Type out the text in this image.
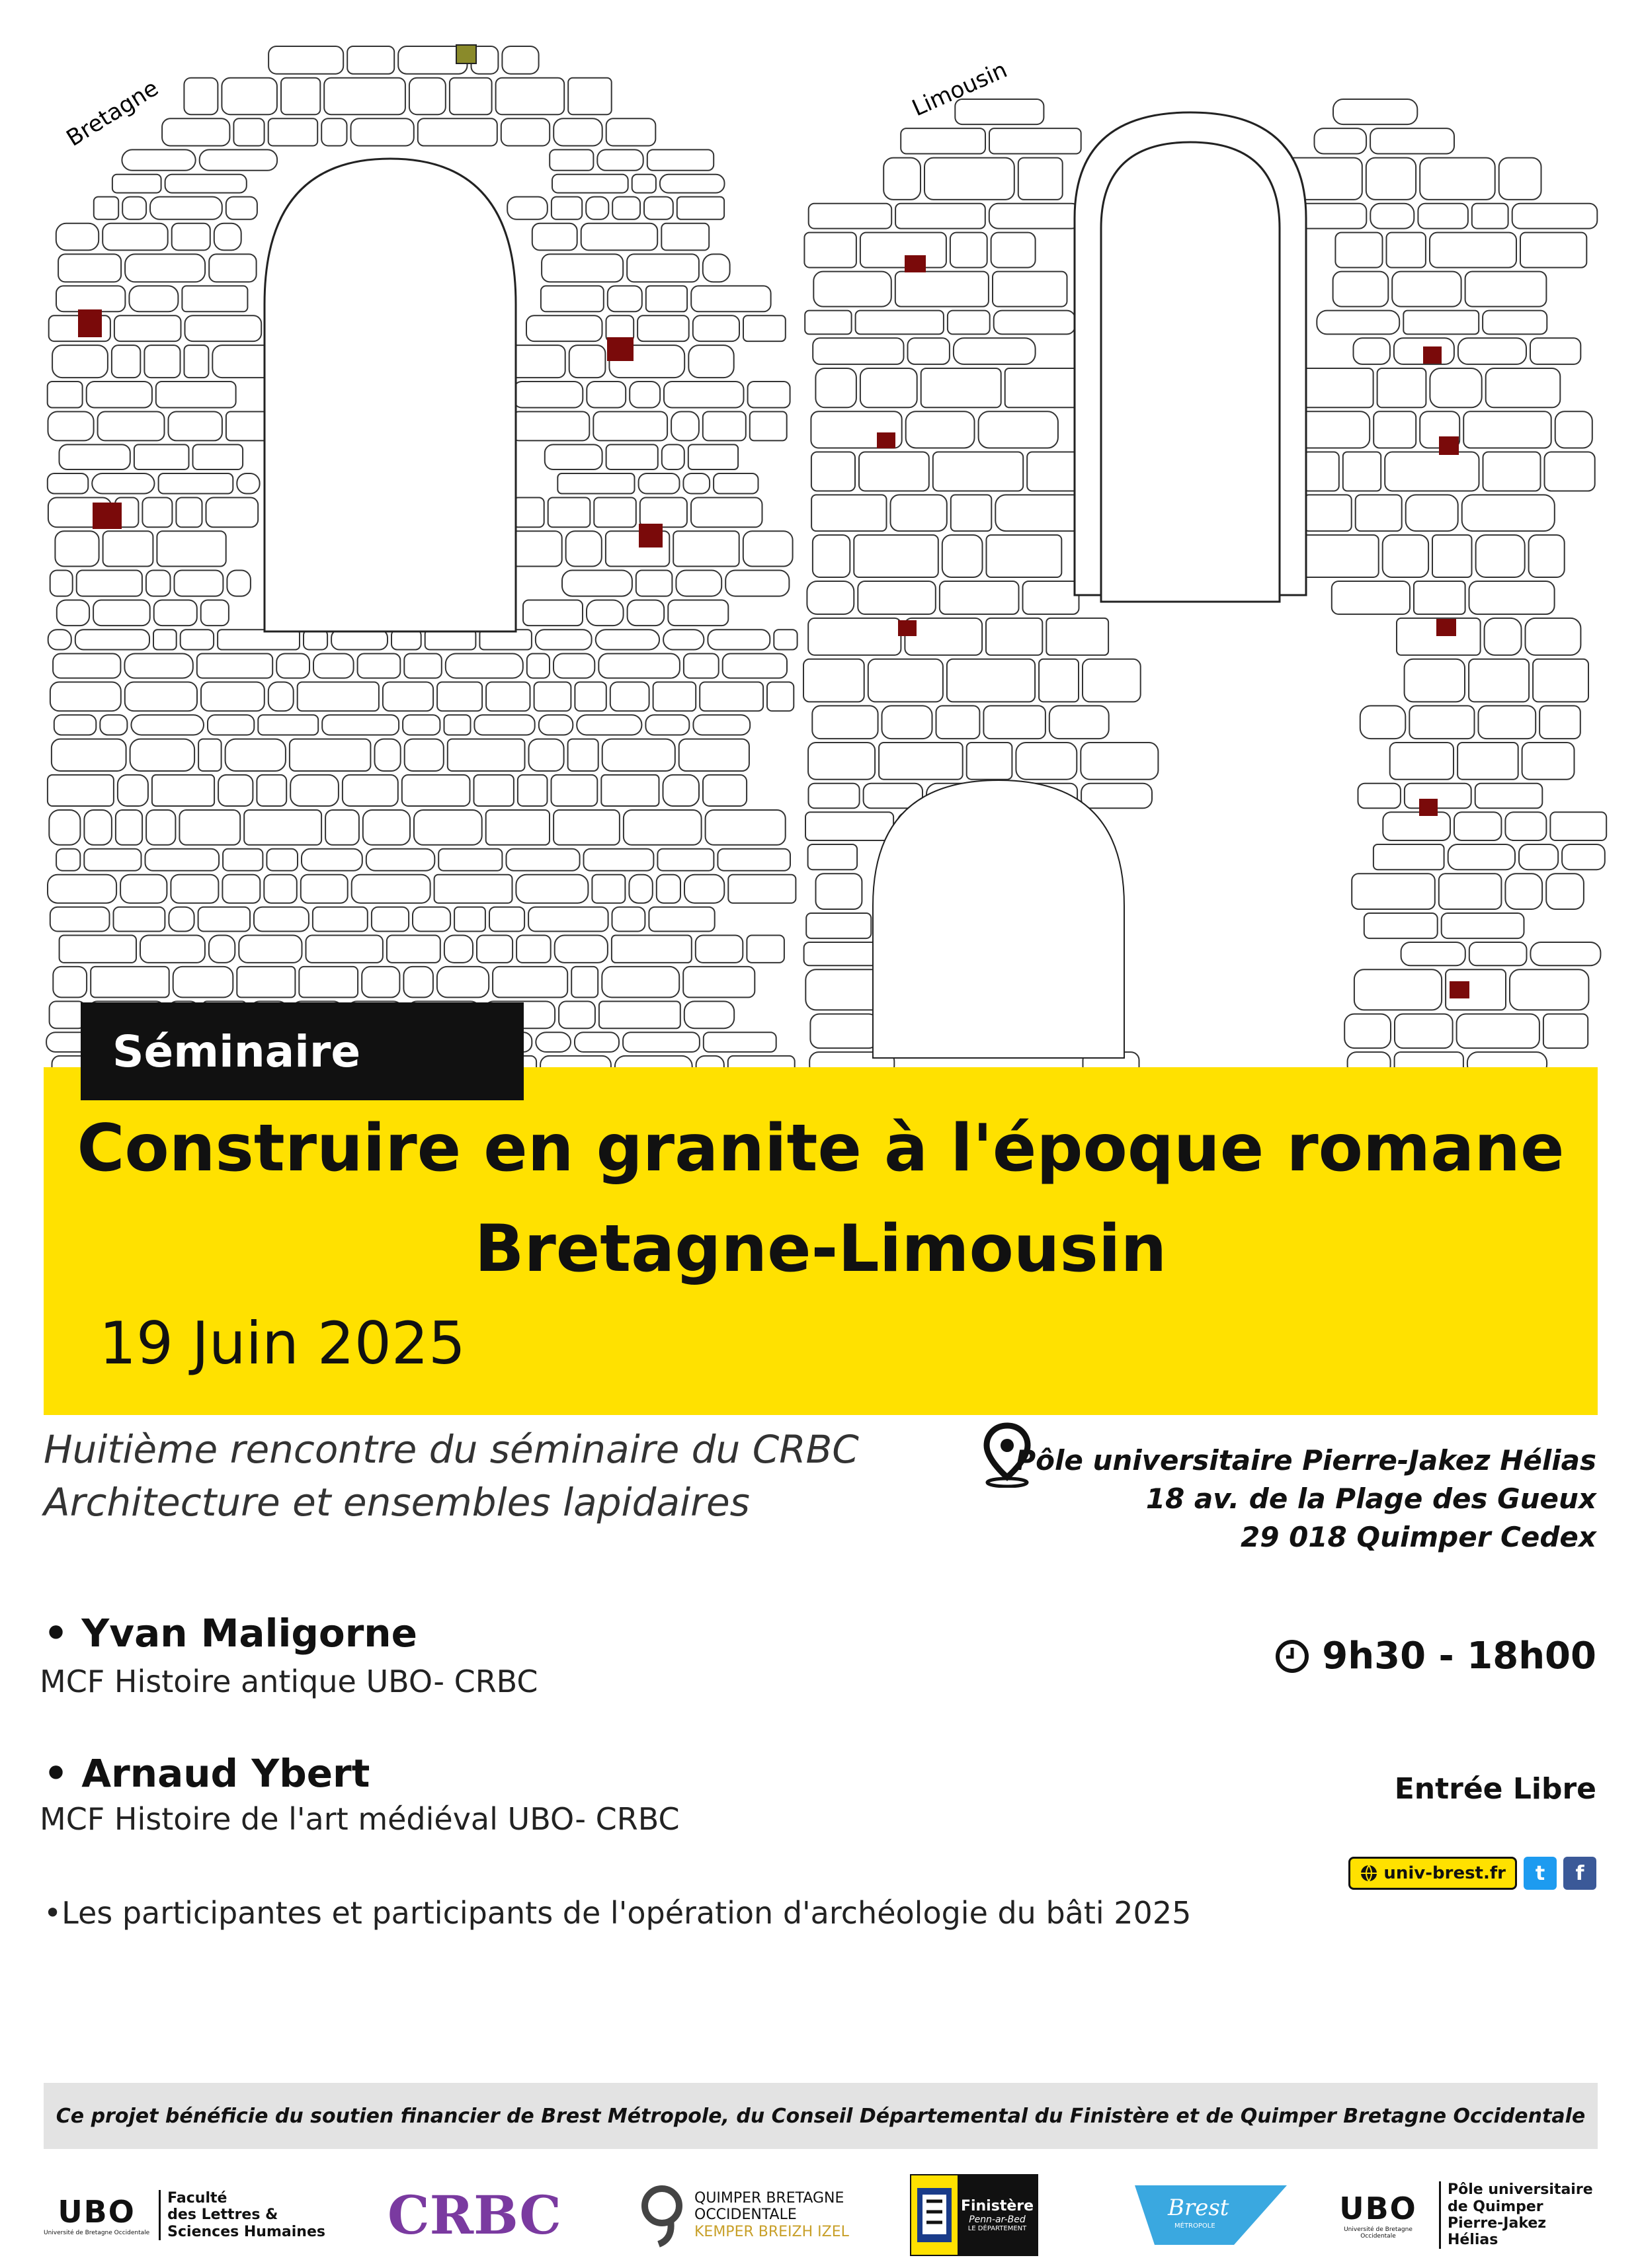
Bretagne	Limousin
Séminaire
Construire en granite à l'époque romane
Bretagne-Limousin
19 Juin 2025
Huitième rencontre du séminaire du CRBC
Architecture et ensembles lapidaires
Pôle universitaire Pierre-Jakez Hélias
18 av. de la Plage des Gueux
29 018 Quimper Cedex
• Yvan Maligorne
MCF Histoire antique UBO- CRBC
• Arnaud Ybert
MCF Histoire de l'art médiéval UBO- CRBC
•Les participantes et participants de l'opération d'archéologie du bâti 2025
9h30 - 18h00
Entrée Libre
univ-brest.fr	t	f
Ce projet bénéficie du soutien financier de Brest Métropole, du Conseil Départemental du Finistère et de Quimper Bretagne Occidentale
UBO
Université de Bretagne Occidentale
Faculté
des Lettres &
Sciences Humaines CRBC	QUIMPER BRETAGNE
OCCIDENTALE
KEMPER BREIZH IZEL
Finistère
Penn-ar-Bed
LE DÉPARTEMENT
Brest
MÉTROPOLE	UBO
Université de Bretagne Occidentale
Pôle universitaire
de Quimper
Pierre-Jakez Hélias
